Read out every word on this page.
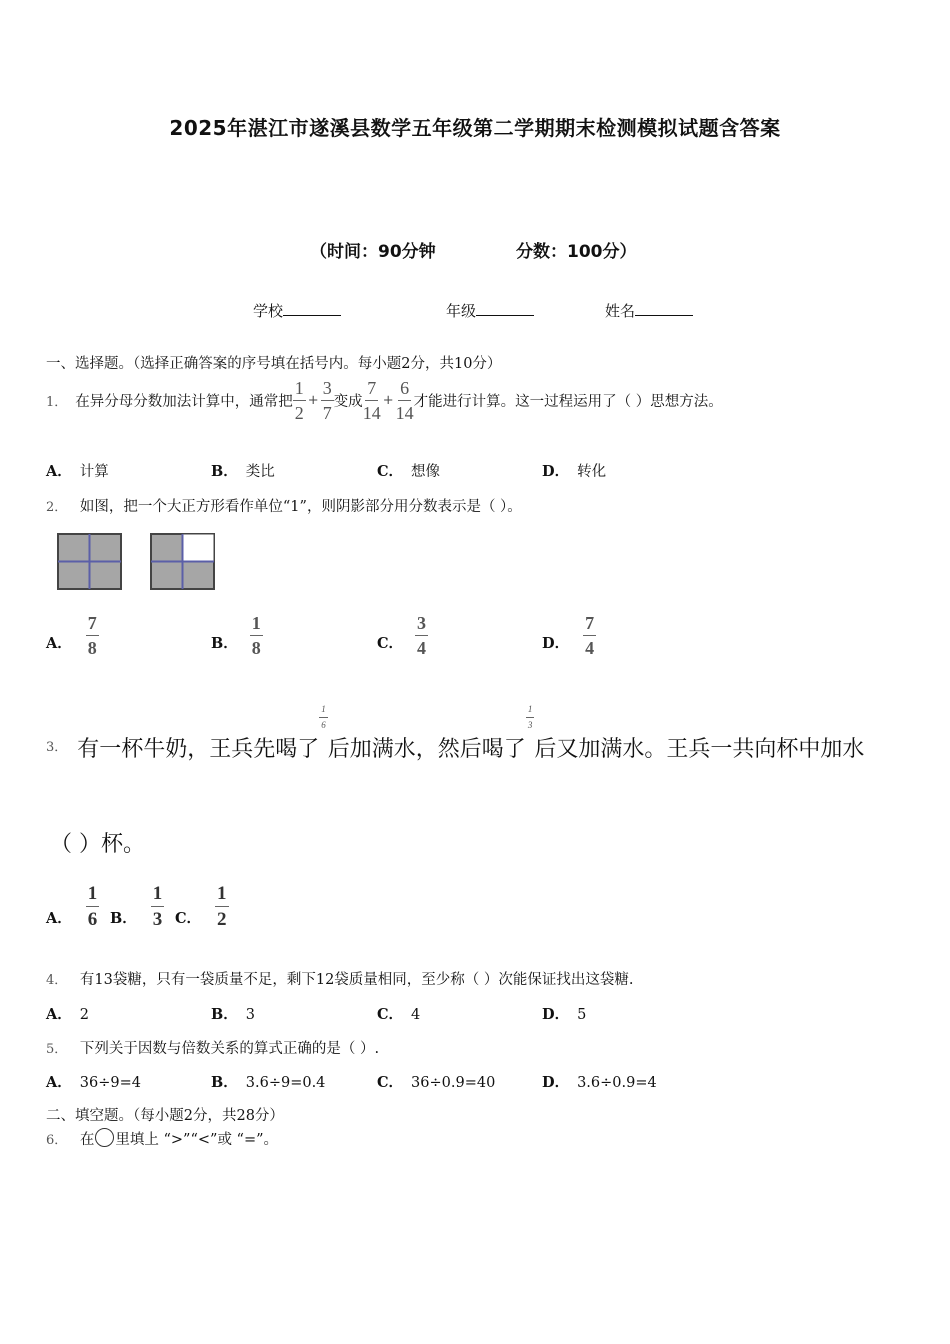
2025年湛江市遂溪县数学五年级第二学期期末检测模拟试题含答案
（时间：90分钟	分数：100分）
学校	年级	姓名
一、选择题。（选择正确答案的序号填在括号内。每小题2分，共10分）
1． 在异分母分数加法计算中，通常把 $\frac{1}{2} + \frac{3}{7}$ 变成 $\frac{7}{14} + \frac{6}{14}$ 才能进行计算。这一过程运用了（ ）思想方法。
A． 计算	B． 类比	C． 想像	D． 转化
2． 如图，把一个大正方形看作单位“1”，则阴影部分用分数表示是（ ）。
A． $\frac{7}{8}$	B． $\frac{1}{8}$	C． $\frac{3}{4}$	D． $\frac{7}{4}$
3． 有一杯牛奶，王兵先喝了
$\frac{1}{6}$
后加满水，然后喝了
$\frac{1}{3}$
后又加满水。王兵一共向杯中加水
（ ）杯。
A． $\frac{1}{6}$ B． $\frac{1}{3}$ C． $\frac{1}{2}$
4． 有13袋糖，只有一袋质量不足，剩下12袋质量相同，至少称（ ）次能保证找出这袋糖.
A． 2	B． 3	C． 4	D． 5
5． 下列关于因数与倍数关系的算式正确的是（ ）.
A． 36÷9=4	B． 3.6÷9=0.4	C． 36÷0.9=40	D． 3.6÷0.9=4
二、填空题。（每小题2分，共28分）
6． 在 里填上 “>”“<”或 “=”。
